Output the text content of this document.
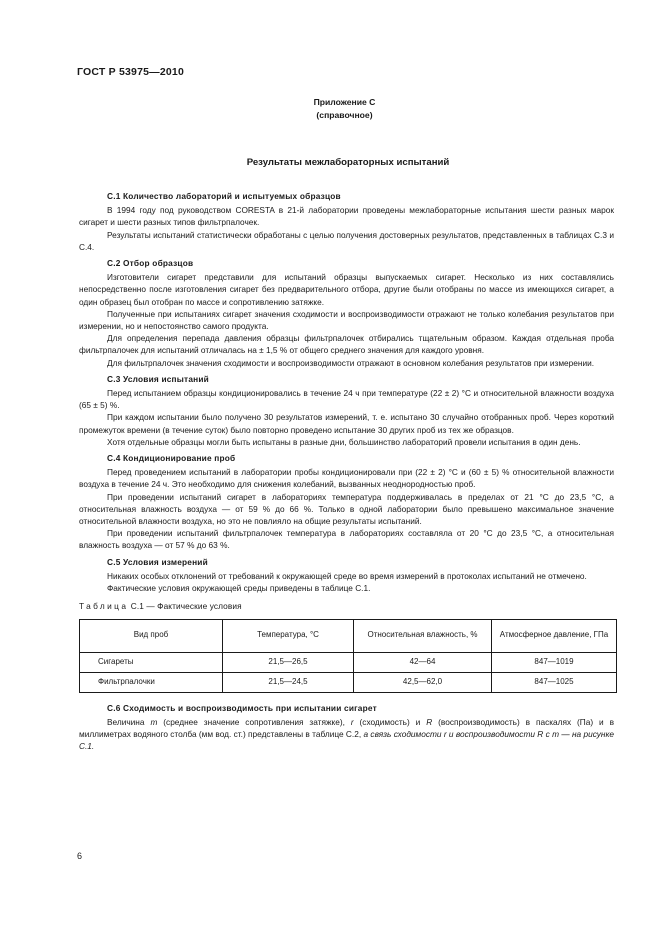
ГОСТ Р 53975—2010
Приложение С
(справочное)
Результаты межлабораторных испытаний
С.1 Количество лабораторий и испытуемых образцов

В 1994 году под руководством CORESTA в 21-й лаборатории проведены межлабораторные испытания шести разных марок сигарет и шести разных типов фильтрпалочек.

Результаты испытаний статистически обработаны с целью получения достоверных результатов, представленных в таблицах С.3 и С.4.

С.2 Отбор образцов

Изготовители сигарет представили для испытаний образцы выпускаемых сигарет. Несколько из них составлялись непосредственно после изготовления сигарет без предварительного отбора, другие были отобраны по массе из имеющихся сигарет, а один образец был отобран по массе и сопротивлению затяжке.

Полученные при испытаниях сигарет значения сходимости и воспроизводимости отражают не только колебания результатов при измерении, но и непостоянство самого продукта.

Для определения перепада давления образцы фильтрпалочек отбирались тщательным образом. Каждая отдельная проба фильтрпалочек для испытаний отличалась на ± 1,5 % от общего среднего значения для каждого уровня.

Для фильтрпалочек значения сходимости и воспроизводимости отражают в основном колебания результатов при измерении.

С.3 Условия испытаний

Перед испытанием образцы кондиционировались в течение 24 ч при температуре (22 ± 2) °С и относительной влажности воздуха (65 ± 5) %.

При каждом испытании было получено 30 результатов измерений, т. е. испытано 30 случайно отобранных проб. Через короткий промежуток времени (в течение суток) было повторно проведено испытание 30 других проб из тех же образцов.

Хотя отдельные образцы могли быть испытаны в разные дни, большинство лабораторий провели испытания в один день.

С.4 Кондиционирование проб

Перед проведением испытаний в лаборатории пробы кондиционировали при (22 ± 2) °С и (60 ± 5) % относительной влажности воздуха в течение 24 ч. Это необходимо для снижения колебаний, вызванных неоднородностью проб.

При проведении испытаний сигарет в лабораториях температура поддерживалась в пределах от 21 °С до 23,5 °С, а относительная влажность воздуха — от 59 % до 66 %. Только в одной лаборатории было превышено максимальное значение относительной влажности воздуха, но это не повлияло на общие результаты испытаний.

При проведении испытаний фильтрпалочек температура в лабораториях составляла от 20 °С до 23,5 °С, а относительная влажность воздуха — от 57 % до 63 %.

С.5 Условия измерений

Никаких особых отклонений от требований к окружающей среде во время измерений в протоколах испытаний не отмечено.

Фактические условия окружающей среды приведены в таблице С.1.

Таблица С.1 — Фактические условия
Вид проб	Температура, °С	Относительная влажность, %	Атмосферное давление, ГПа
Сигареты	21,5—26,5	42—64	847—1019
Фильтрпалочки	21,5—24,5	42,5—62,0	847—1025
С.6 Сходимость и воспроизводимость при испытании сигарет

Величина m (среднее значение сопротивления затяжке), r (сходимость) и R (воспроизводимость) в паскалях (Па) и в миллиметрах водяного столба (мм вод. ст.) представлены в таблице С.2, а связь сходимости r и воспроизводимости R с m — на рисунке С.1.

6
